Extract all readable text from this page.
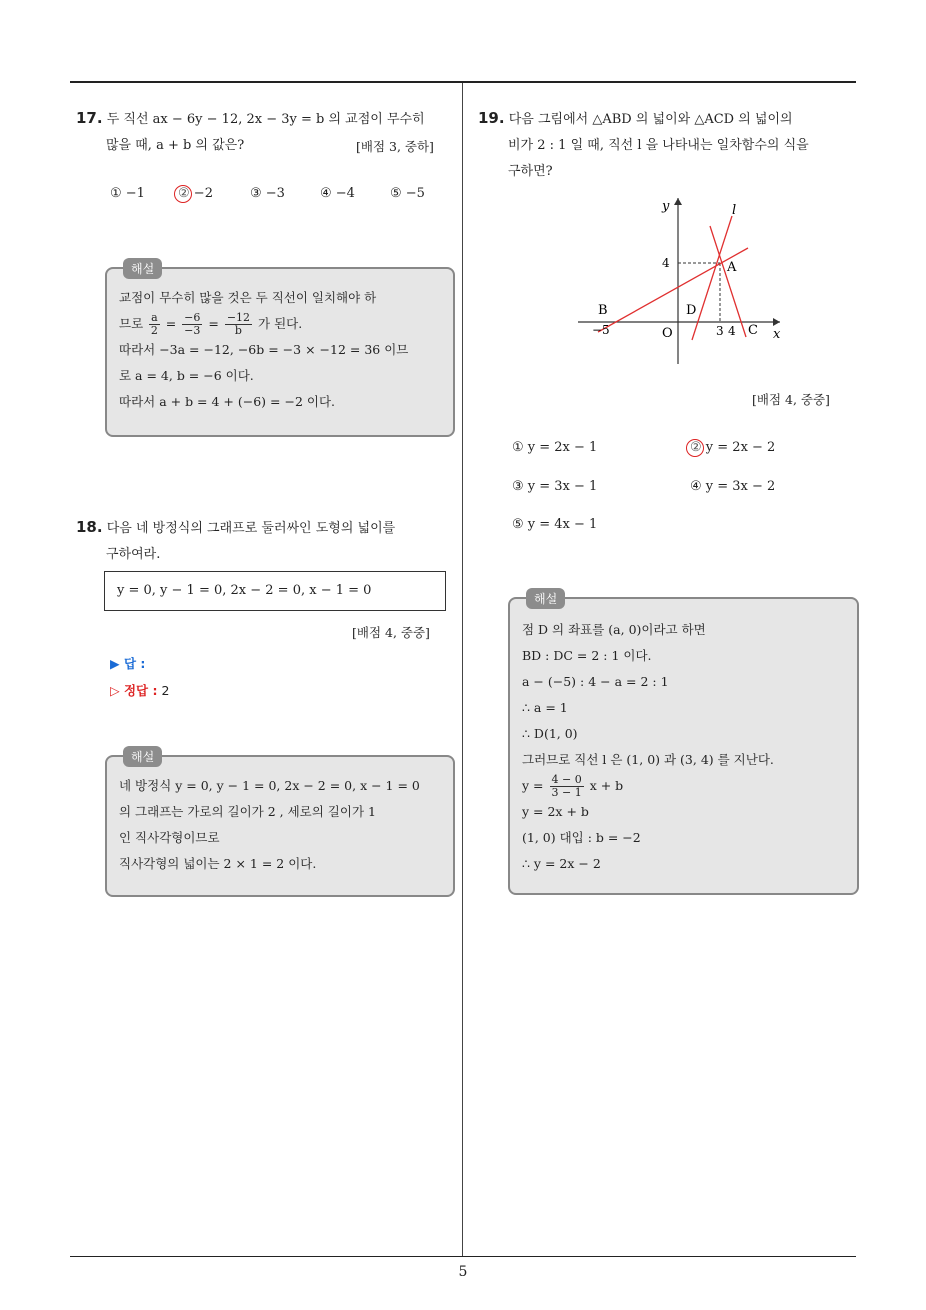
5
17. 두 직선 ax − 6y − 12, 2x − 3y = b 의 교점이 무수히
많을 때, a + b 의 값은?	[배점 3, 중하]
① −1	② −2	③ −3	④ −4	⑤ −5
해설
교점이 무수히 많을 것은 두 직선이 일치해야 하
므로 $\frac{a}{2} = \frac{-6}{-3} = \frac{-12}{b}$ 가 된다.
따라서 −3a = −12, −6b = −3 × −12 = 36 이므
로 a = 4, b = −6 이다.
따라서 a + b = 4 + (−6) = −2 이다.
18. 다음 네 방정식의 그래프로 둘러싸인 도형의 넓이를
구하여라.
y = 0, y − 1 = 0, 2x − 2 = 0, x − 1 = 0
[배점 4, 중중]
▶ 답 :
▷ 정답 : 2
해설
네 방정식 y = 0, y − 1 = 0, 2x − 2 = 0, x − 1 = 0
의 그래프는 가로의 길이가 2 , 세로의 길이가 1
인 직사각형이므로
직사각형의 넓이는 2 × 1 = 2 이다.
19. 다음 그림에서 △ABD 의 넓이와 △ACD 의 넓이의
비가 2 : 1 일 때, 직선 l 을 나타내는 일차함수의 식을
구하면?
y
x
l
4	A
B	D
C
O
−5	3 4
[배점 4, 중중]
① y = 2x − 1	② y = 2x − 2
③ y = 3x − 1	④ y = 3x − 2
⑤ y = 4x − 1
해설
점 D 의 좌표를 (a, 0)이라고 하면
BD : DC = 2 : 1 이다.
a − (−5) : 4 − a = 2 : 1
∴ a = 1
∴ D(1, 0)
그러므로 직선 l 은 (1, 0) 과 (3, 4) 를 지난다.
$y = \frac{4 - 0}{3 - 1}$ x + b
y = 2x + b
(1, 0) 대입 : b = −2
∴ y = 2x − 2
